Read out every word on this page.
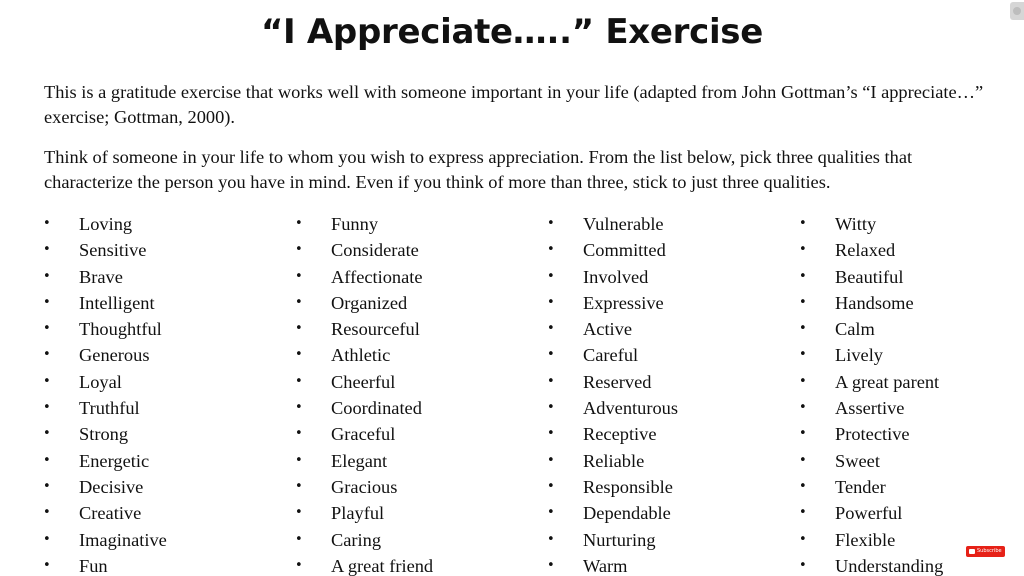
“I Appreciate…..” Exercise
This is a gratitude exercise that works well with someone important in your life (adapted from John Gottman’s “I appreciate…” exercise; Gottman, 2000).
Think of someone in your life to whom you wish to express appreciation. From the list below, pick three qualities that characterize the person you have in mind. Even if you think of more than three, stick to just three qualities.
• Loving
• Sensitive
• Brave
• Intelligent
• Thoughtful
• Generous
• Loyal
• Truthful
• Strong
• Energetic
• Decisive
• Creative
• Imaginative
• Fun
• Funny
• Considerate
• Affectionate
• Organized
• Resourceful
• Athletic
• Cheerful
• Coordinated
• Graceful
• Elegant
• Gracious
• Playful
• Caring
• A great friend
• Vulnerable
• Committed
• Involved
• Expressive
• Active
• Careful
• Reserved
• Adventurous
• Receptive
• Reliable
• Responsible
• Dependable
• Nurturing
• Warm
• Witty
• Relaxed
• Beautiful
• Handsome
• Calm
• Lively
• A great parent
• Assertive
• Protective
• Sweet
• Tender
• Powerful
• Flexible
• Understanding
Subscribe
